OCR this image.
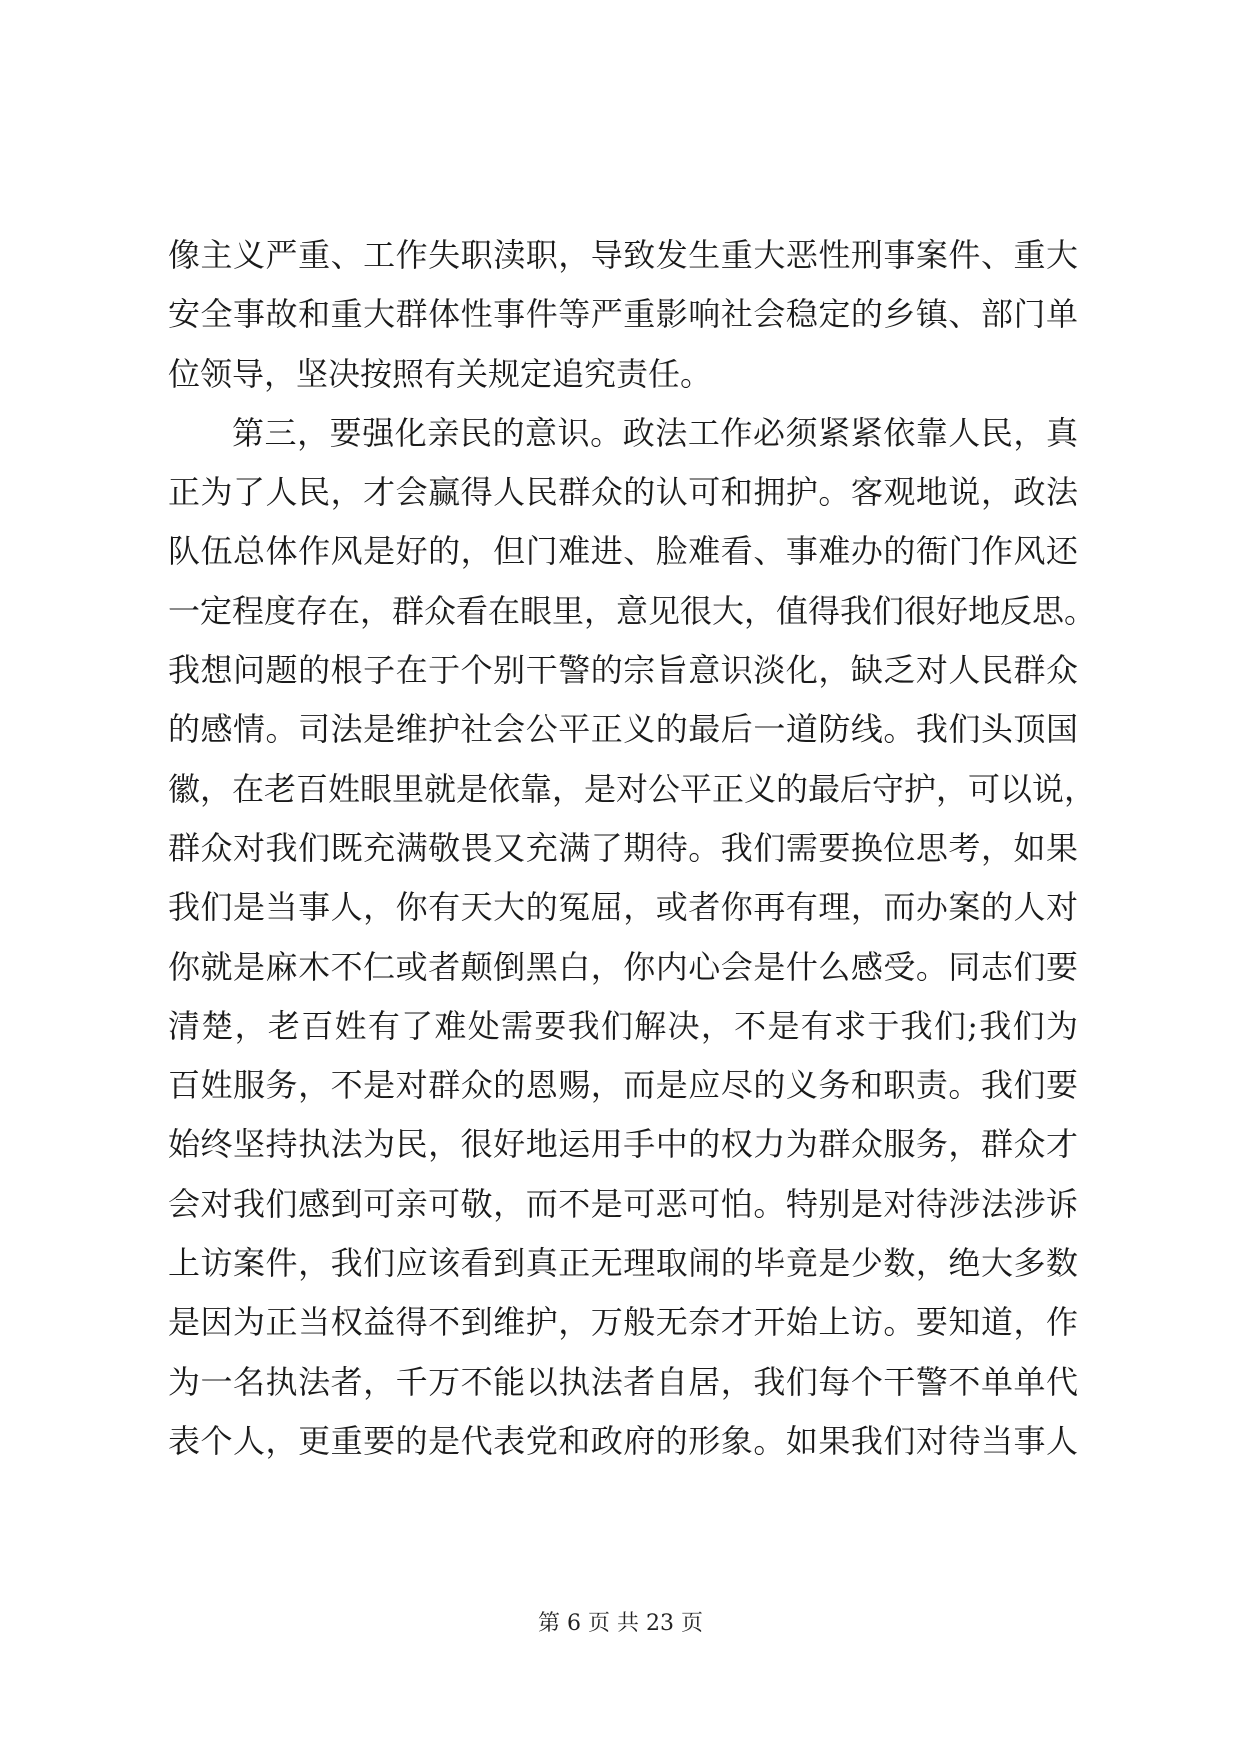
像主义严重、工作失职渎职，导致发生重大恶性刑事案件、重大
安全事故和重大群体性事件等严重影响社会稳定的乡镇、部门单
位领导，坚决按照有关规定追究责任。
第三，要强化亲民的意识。政法工作必须紧紧依靠人民，真
正为了人民，才会赢得人民群众的认可和拥护。客观地说，政法
队伍总体作风是好的，但门难进、脸难看、事难办的衙门作风还
一定程度存在，群众看在眼里，意见很大，值得我们很好地反思。
我想问题的根子在于个别干警的宗旨意识淡化，缺乏对人民群众
的感情。司法是维护社会公平正义的最后一道防线。我们头顶国
徽，在老百姓眼里就是依靠，是对公平正义的最后守护，可以说，
群众对我们既充满敬畏又充满了期待。我们需要换位思考，如果
我们是当事人，你有天大的冤屈，或者你再有理，而办案的人对
你就是麻木不仁或者颠倒黑白，你内心会是什么感受。同志们要
清楚，老百姓有了难处需要我们解决，不是有求于我们;我们为
百姓服务，不是对群众的恩赐，而是应尽的义务和职责。我们要
始终坚持执法为民，很好地运用手中的权力为群众服务，群众才
会对我们感到可亲可敬，而不是可恶可怕。特别是对待涉法涉诉
上访案件，我们应该看到真正无理取闹的毕竟是少数，绝大多数
是因为正当权益得不到维护，万般无奈才开始上访。要知道，作
为一名执法者，千万不能以执法者自居，我们每个干警不单单代
表个人，更重要的是代表党和政府的形象。如果我们对待当事人
第 6 页 共 23 页
